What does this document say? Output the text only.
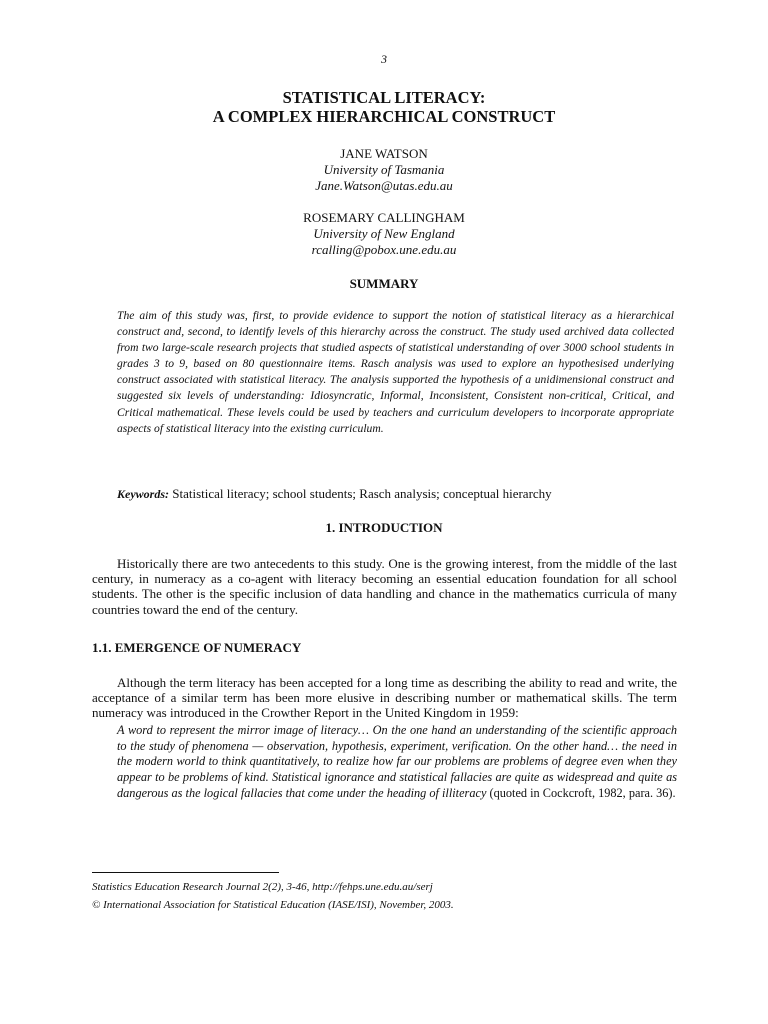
3
STATISTICAL LITERACY:
A COMPLEX HIERARCHICAL CONSTRUCT
JANE WATSON
University of Tasmania
Jane.Watson@utas.edu.au
ROSEMARY CALLINGHAM
University of New England
rcalling@pobox.une.edu.au
SUMMARY

The aim of this study was, first, to provide evidence to support the notion of statistical literacy as a hierarchical construct and, second, to identify levels of this hierarchy across the construct. The study used archived data collected from two large-scale research projects that studied aspects of statistical understanding of over 3000 school students in grades 3 to 9, based on 80 questionnaire items. Rasch analysis was used to explore an hypothesised underlying construct associated with statistical literacy. The analysis supported the hypothesis of a unidimensional construct and suggested six levels of understanding: Idiosyncratic, Informal, Inconsistent, Consistent non-critical, Critical, and Critical mathematical. These levels could be used by teachers and curriculum developers to incorporate appropriate aspects of statistical literacy into the existing curriculum.

Keywords: Statistical literacy; school students; Rasch analysis; conceptual hierarchy
1. INTRODUCTION

Historically there are two antecedents to this study. One is the growing interest, from the middle of the last century, in numeracy as a co-agent with literacy becoming an essential education foundation for all school students. The other is the specific inclusion of data handling and chance in the mathematics curricula of many countries toward the end of the century.

1.1. EMERGENCE OF NUMERACY

Although the term literacy has been accepted for a long time as describing the ability to read and write, the acceptance of a similar term has been more elusive in describing number or mathematical skills. The term numeracy was introduced in the Crowther Report in the United Kingdom in 1959:

A word to represent the mirror image of literacy… On the one hand an understanding of the scientific approach to the study of phenomena — observation, hypothesis, experiment, verification. On the other hand… the need in the modern world to think quantitatively, to realize how far our problems are problems of degree even when they appear to be problems of kind. Statistical ignorance and statistical fallacies are quite as widespread and quite as dangerous as the logical fallacies that come under the heading of illiteracy (quoted in Cockcroft, 1982, para. 36).

Statistics Education Research Journal 2(2), 3-46, http://fehps.une.edu.au/serj
© International Association for Statistical Education (IASE/ISI), November, 2003.
